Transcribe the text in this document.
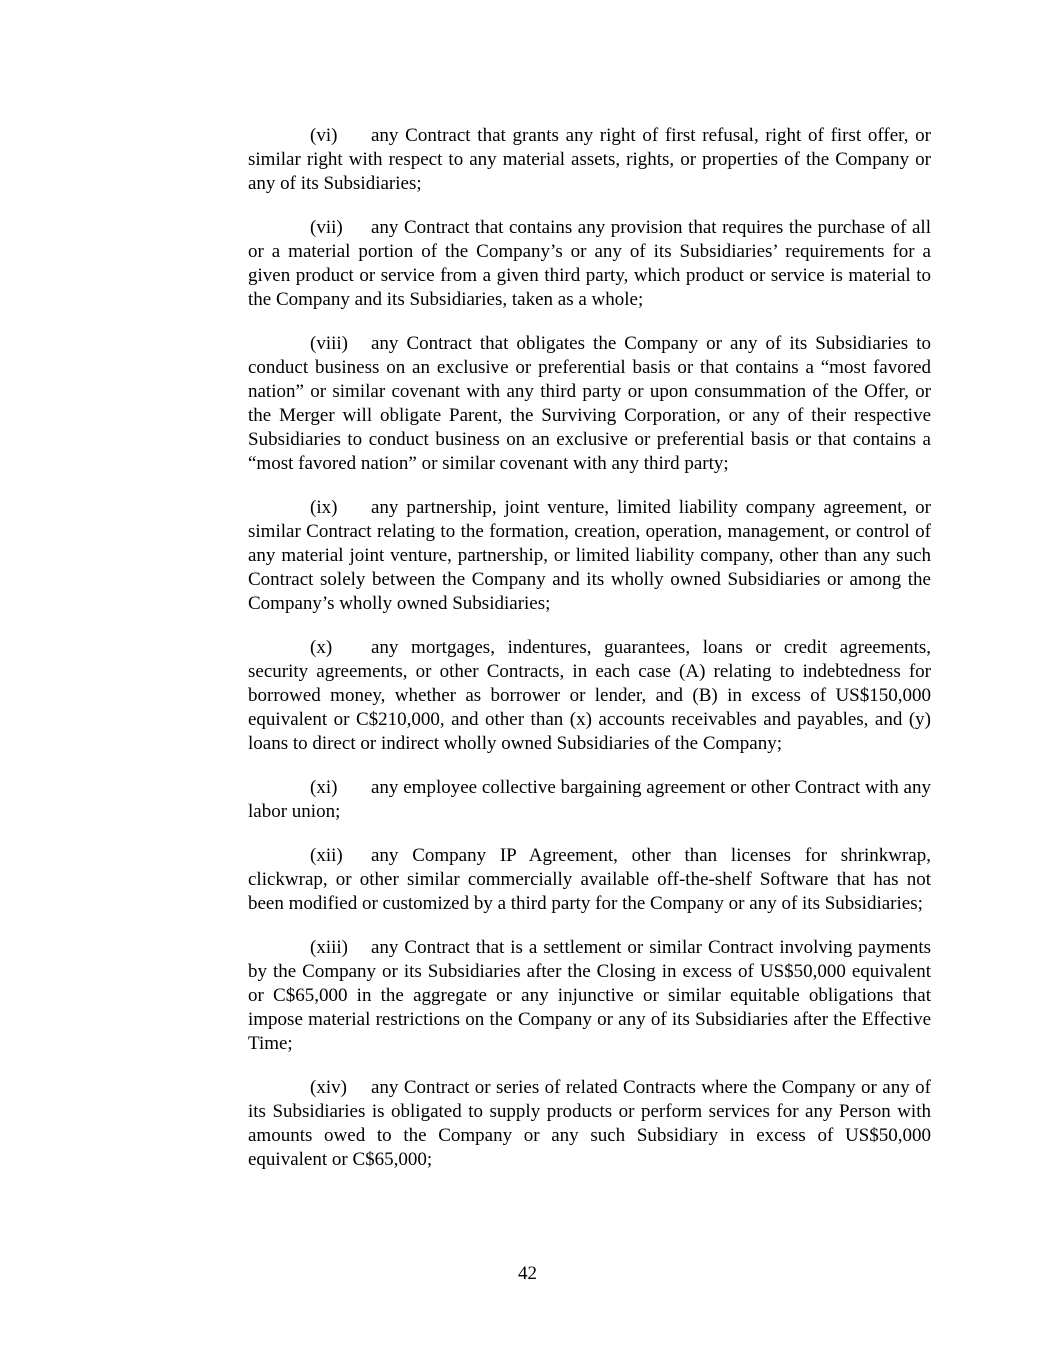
(vi) any Contract that grants any right of first refusal, right of first offer, or similar right with respect to any material assets, rights, or properties of the Company or any of its Subsidiaries;

(vii) any Contract that contains any provision that requires the purchase of all or a material portion of the Company’s or any of its Subsidiaries’ requirements for a given product or service from a given third party, which product or service is material to the Company and its Subsidiaries, taken as a whole;

(viii) any Contract that obligates the Company or any of its Subsidiaries to conduct business on an exclusive or preferential basis or that contains a “most favored nation” or similar covenant with any third party or upon consummation of the Offer, or the Merger will obligate Parent, the Surviving Corporation, or any of their respective Subsidiaries to conduct business on an exclusive or preferential basis or that contains a “most favored nation” or similar covenant with any third party;

(ix) any partnership, joint venture, limited liability company agreement, or similar Contract relating to the formation, creation, operation, management, or control of any material joint venture, partnership, or limited liability company, other than any such Contract solely between the Company and its wholly owned Subsidiaries or among the Company’s wholly owned Subsidiaries;

(x) any mortgages, indentures, guarantees, loans or credit agreements, security agreements, or other Contracts, in each case (A) relating to indebtedness for borrowed money, whether as borrower or lender, and (B) in excess of US$150,000 equivalent or C$210,000, and other than (x) accounts receivables and payables, and (y) loans to direct or indirect wholly owned Subsidiaries of the Company;

(xi) any employee collective bargaining agreement or other Contract with any labor union;

(xii) any Company IP Agreement, other than licenses for shrinkwrap, clickwrap, or other similar commercially available off-the-shelf Software that has not been modified or customized by a third party for the Company or any of its Subsidiaries;

(xiii) any Contract that is a settlement or similar Contract involving payments by the Company or its Subsidiaries after the Closing in excess of US$50,000 equivalent or C$65,000 in the aggregate or any injunctive or similar equitable obligations that impose material restrictions on the Company or any of its Subsidiaries after the Effective Time;

(xiv) any Contract or series of related Contracts where the Company or any of its Subsidiaries is obligated to supply products or perform services for any Person with amounts owed to the Company or any such Subsidiary in excess of US$50,000 equivalent or C$65,000;

42
